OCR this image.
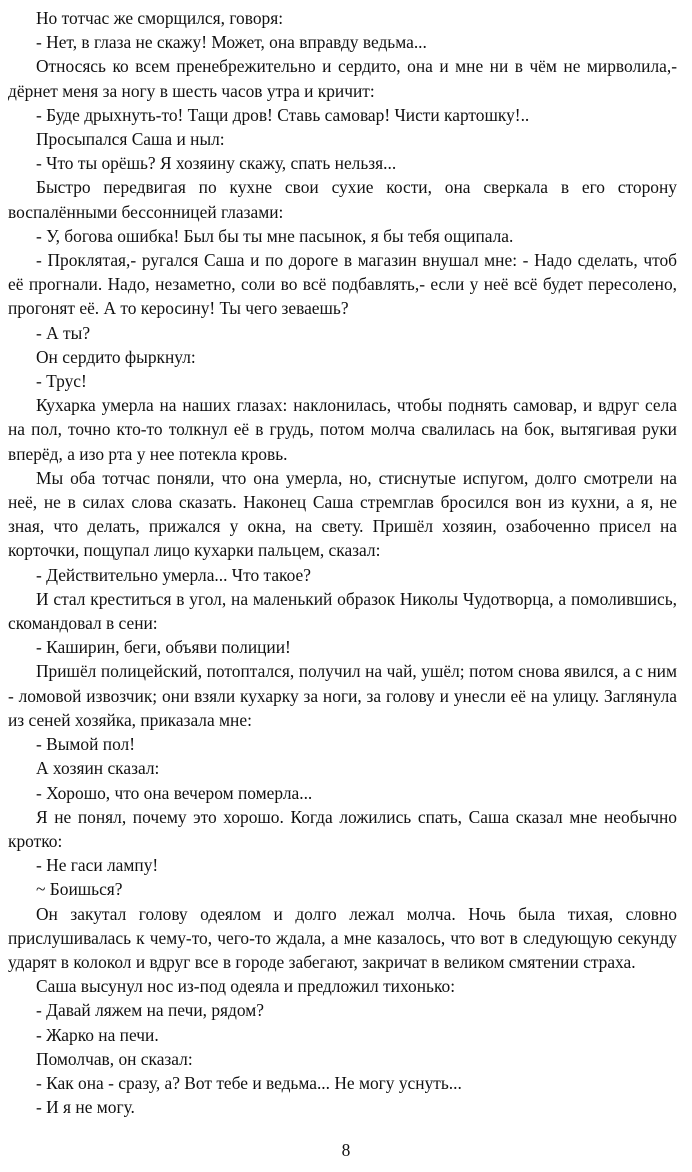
Но тотчас же сморщился, говоря:

- Нет, в глаза не скажу! Может, она вправду ведьма...

Относясь ко всем пренебрежительно и сердито, она и мне ни в чём не мирволила,- дёрнет меня за ногу в шесть часов утра и кричит:

- Буде дрыхнуть-то! Тащи дров! Ставь самовар! Чисти картошку!..

Просыпался Саша и ныл:

- Что ты орёшь? Я хозяину скажу, спать нельзя...

Быстро передвигая по кухне свои сухие кости, она сверкала в его сторону воспалёнными бессонницей глазами:

- У, богова ошибка! Был бы ты мне пасынок, я бы тебя ощипала.

- Проклятая,- ругался Саша и по дороге в магазин внушал мне: - Надо сделать, чтоб её прогнали. Надо, незаметно, соли во всё подбавлять,- если у неё всё будет пересолено, прогонят её. А то керосину! Ты чего зеваешь?

- А ты?

Он сердито фыркнул:

- Трус!

Кухарка умерла на наших глазах: наклонилась, чтобы поднять самовар, и вдруг села на пол, точно кто-то толкнул её в грудь, потом молча свалилась на бок, вытягивая руки вперёд, а изо рта у нее потекла кровь.

Мы оба тотчас поняли, что она умерла, но, стиснутые испугом, долго смотрели на неё, не в силах слова сказать. Наконец Саша стремглав бросился вон из кухни, а я, не зная, что делать, прижался у окна, на свету. Пришёл хозяин, озабоченно присел на корточки, пощупал лицо кухарки пальцем, сказал:

- Действительно умерла... Что такое?

И стал креститься в угол, на маленький образок Николы Чудотворца, а помолившись, скомандовал в сени:

- Каширин, беги, объяви полиции!

Пришёл полицейский, потоптался, получил на чай, ушёл; потом снова явился, а с ним - ломовой извозчик; они взяли кухарку за ноги, за голову и унесли её на улицу. Заглянула из сеней хозяйка, приказала мне:

- Вымой пол!

А хозяин сказал:

- Хорошо, что она вечером померла...

Я не понял, почему это хорошо. Когда ложились спать, Саша сказал мне необычно кротко:

- Не гаси лампу!

~ Боишься?

Он закутал голову одеялом и долго лежал молча. Ночь была тихая, словно прислушивалась к чему-то, чего-то ждала, а мне казалось, что вот в следующую секунду ударят в колокол и вдруг все в городе забегают, закричат в великом смятении страха.

Саша высунул нос из-под одеяла и предложил тихонько:

- Давай ляжем на печи, рядом?

- Жарко на печи.

Помолчав, он сказал:

- Как она - сразу, а? Вот тебе и ведьма... Не могу уснуть...

- И я не могу.

8
